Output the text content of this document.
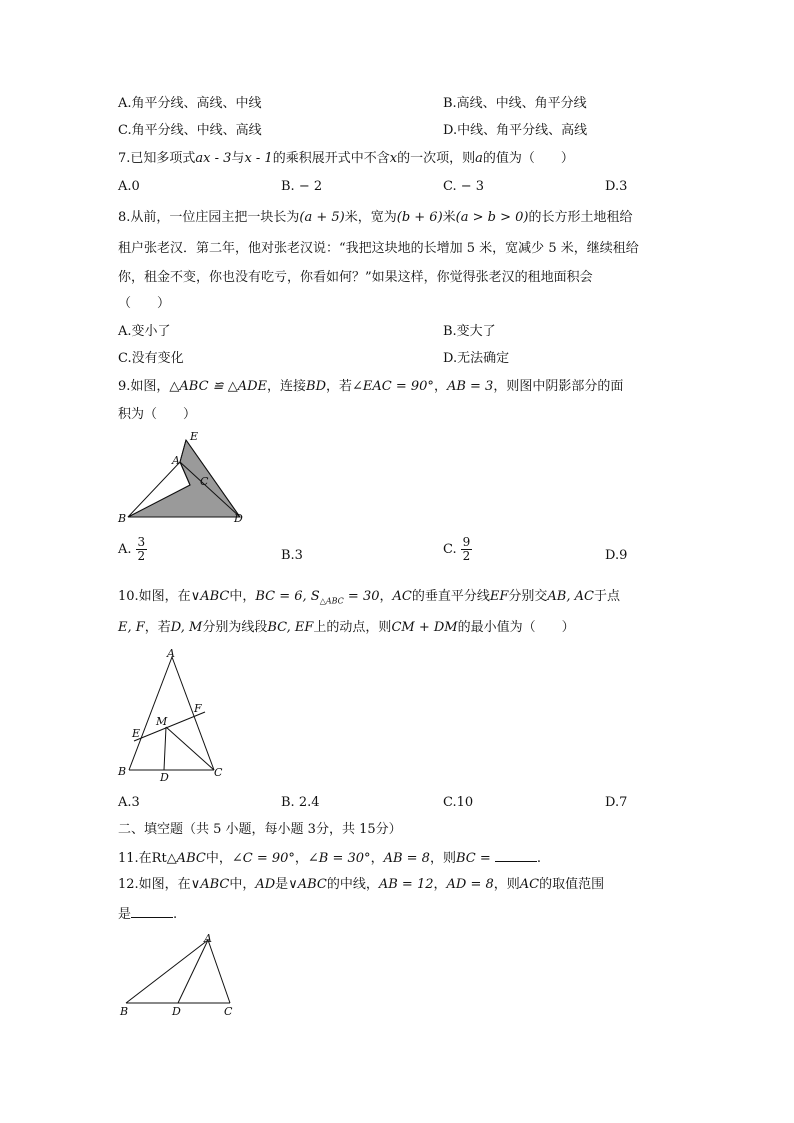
A.角平分线、高线、中线	B.高线、中线、角平分线
C.角平分线、中线、高线	D.中线、角平分线、高线
7.已知多项式ax - 3与x - 1的乘积展开式中不含x的一次项，则a的值为（　　）
A.0	B. − 2	C. − 3	D.3
8.从前，一位庄园主把一块长为(a + 5)米，宽为(b + 6)米(a > b > 0)的长方形土地租给
租户张老汉．第二年，他对张老汉说：“我把这块地的长增加 5 米，宽减少 5 米，继续租给
你，租金不变，你也没有吃亏，你看如何？”如果这样，你觉得张老汉的租地面积会
（　　）
A.变小了	B.变大了
C.没有变化	D.无法确定
9.如图，△ABC ≌ △ADE，连接BD，若∠EAC = 90°，AB = 3，则图中阴影部分的面
积为（　　）
E
A
C
B	D
A. $\frac{3}{2}$	B.3	C. $\frac{9}{2}$	D.9
10.如图，在∨ABC中，BC = 6, $S_{\triangle ABC} = 30$，AC的垂直平分线EF分别交AB, AC于点
E, F，若D, M分别为线段BC, EF上的动点，则CM + DM的最小值为（　　）
A
F
M
E
B	D	C
A.3	B. 2.4	C.10	D.7
二、填空题（共 5 小题，每小题 3分，共 15分）
11.在Rt△ABC中，∠C = 90°，∠B = 30°，AB = 8，则BC =	.
12.如图，在∨ABC中，AD是∨ABC的中线，AB = 12，AD = 8，则AC的取值范围
是	.
A
B	D	C
